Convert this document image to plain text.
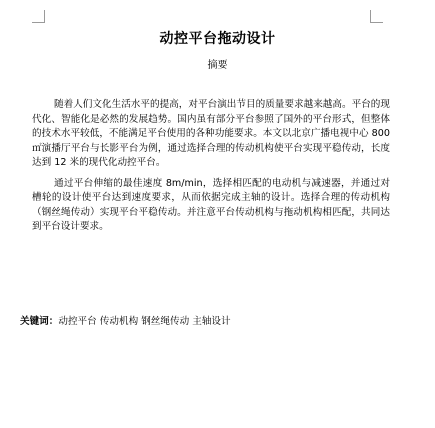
动控平台拖动设计
摘要

随着人们文化生活水平的提高，对平台演出节目的质量要求越来越高。平台的现代化、智能化是必然的发展趋势。国内虽有部分平台参照了国外的平台形式，但整体的技术水平较低，不能满足平台使用的各种功能要求。本文以北京广播电视中心 800 ㎡演播厅平台与长影平台为例，通过选择合理的传动机构使平台实现平稳传动，长度达到 12 米的现代化动控平台。

通过平台伸缩的最佳速度 8m/min，选择相匹配的电动机与减速器，并通过对槽轮的设计使平台达到速度要求，从而依据完成主轴的设计。选择合理的传动机构（钢丝绳传动）实现平台平稳传动。并注意平台传动机构与拖动机构相匹配，共同达到平台设计要求。

关键词：动控平台 传动机构 钢丝绳传动 主轴设计
